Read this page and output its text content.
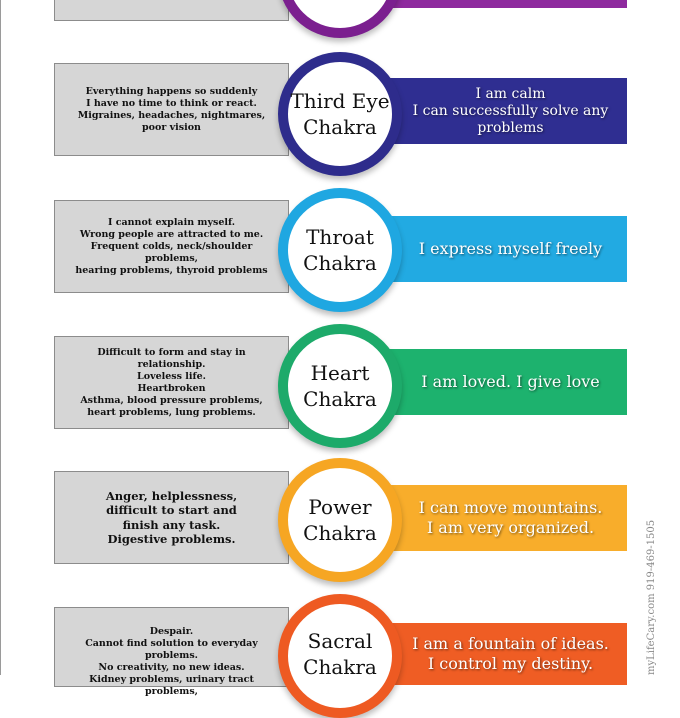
Everything happens so suddenly
I have no time to think or react.
Migraines, headaches, nightmares,
poor vision
I am calm
I can successfully solve any
problems
Third Eye
Chakra
I cannot explain myself.
Wrong people are attracted to me.
Frequent colds, neck/shoulder problems,
hearing problems, thyroid problems
I express myself freely
Throat
Chakra
Difficult to form and stay in relationship.
Loveless life.
Heartbroken
Asthma, blood pressure problems,
heart problems, lung problems.
I am loved. I give love
Heart
Chakra
Anger, helplessness,
difficult to start and
finish any task.
Digestive problems.
I can move mountains.
I am very organized.
Power
Chakra
Despair.
Cannot find solution to everyday problems.
No creativity, no new ideas.
Kidney problems, urinary tract problems,
I am a fountain of ideas.
I control my destiny.
Sacral
Chakra	myLifeCary.com 919-469-1505
